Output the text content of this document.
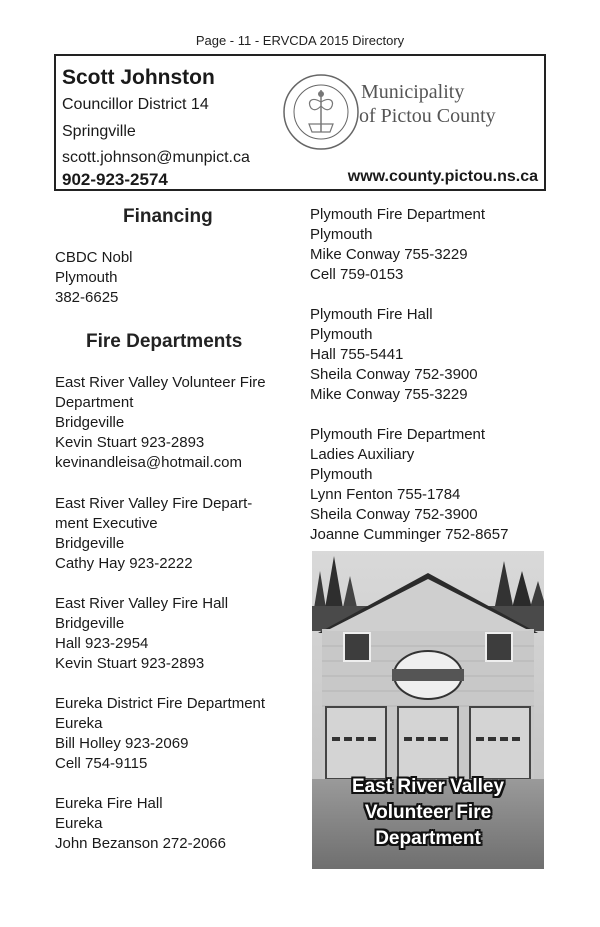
Page - 11 - ERVCDA 2015 Directory
Scott Johnston
Councillor District 14
Springville
scott.johnson@munpict.ca
902-923-2574
Municipality
of Pictou County
www.county.pictou.ns.ca
Financing
CBDC Nobl
Plymouth
382-6625
Fire Departments
East River Valley Volunteer Fire
Department
Bridgeville
Kevin Stuart 923-2893
kevinandleisa@hotmail.com
East River Valley Fire Depart-
ment Executive
Bridgeville
Cathy Hay 923-2222
East River Valley Fire Hall
Bridgeville
Hall 923-2954
Kevin Stuart 923-2893
Eureka District Fire Department
Eureka
Bill Holley 923-2069
Cell 754-9115
Eureka Fire Hall
Eureka
John Bezanson 272-2066
Plymouth Fire Department
Plymouth
Mike Conway 755-3229
Cell 759-0153
Plymouth Fire Hall
Plymouth
Hall 755-5441
Sheila Conway 752-3900
Mike Conway 755-3229
Plymouth Fire Department
Ladies Auxiliary
Plymouth
Lynn Fenton 755-1784
Sheila Conway 752-3900
Joanne Cumminger 752-8657
East River Valley
Volunteer Fire
Department
